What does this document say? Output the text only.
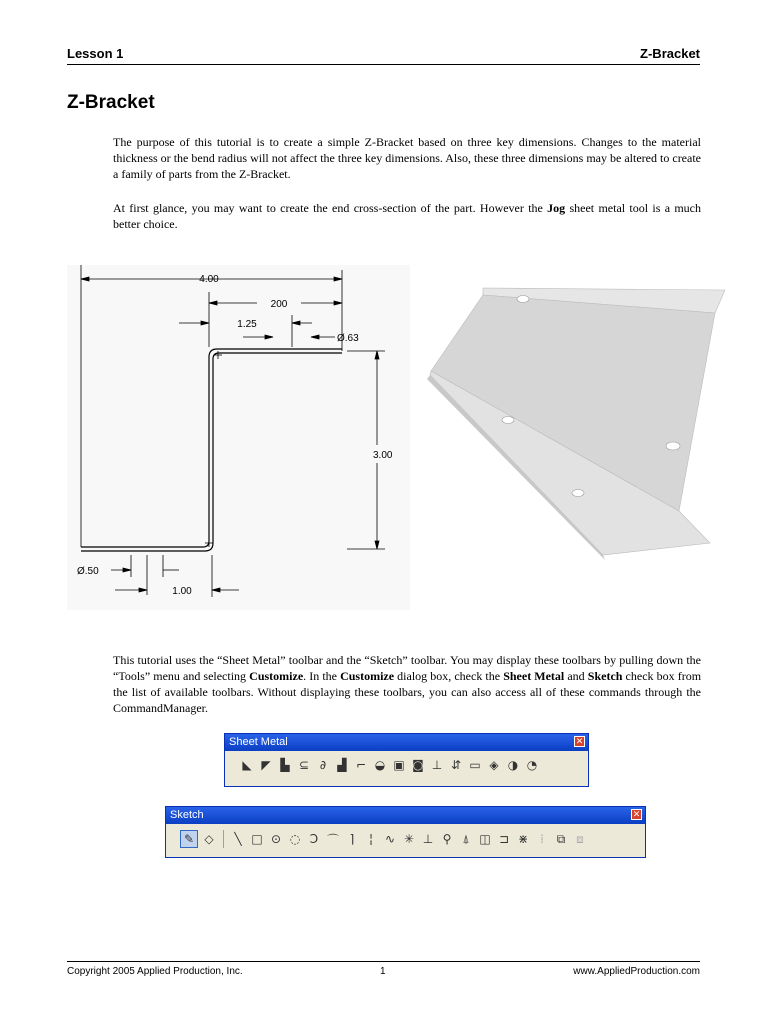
Lesson 1	Z-Bracket
Z-Bracket

The purpose of this tutorial is to create a simple Z-Bracket based on three key dimensions. Changes to the material thickness or the bend radius will not affect the three key dimensions. Also, these three dimensions may be altered to create a family of parts from the Z-Bracket.

At first glance, you may want to create the end cross-section of the part. However the Jog sheet metal tool is a much better choice.

4.00
200
1.25
Ø.63
3.00
Ø.50
1.00

This tutorial uses the “Sheet Metal” toolbar and the “Sketch” toolbar. You may display these toolbars by pulling down the “Tools” menu and selecting Customize. In the Customize dialog box, check the Sheet Metal and Sketch check box from the list of available toolbars. Without displaying these toolbars, you can also access all of these commands through the CommandManager.

Sheet Metal	✕
◣ ◤ ▙ ⊆ ∂ ▟ ⌐ ◒ ▣ ◙ ⊥ ⇵ ▭ ◈ ◑ ◔
Sketch	✕
✎ ◇	╲ □ ⊙ ◌ Ͻ ⌒ ⌉	¦ ∿ ✳ ⊥ ⚲ ⍋ ◫ ⊐ ⋇	⁞	⧉ ⧈
Copyright 2005 Applied Production, Inc.	1	www.AppliedProduction.com
